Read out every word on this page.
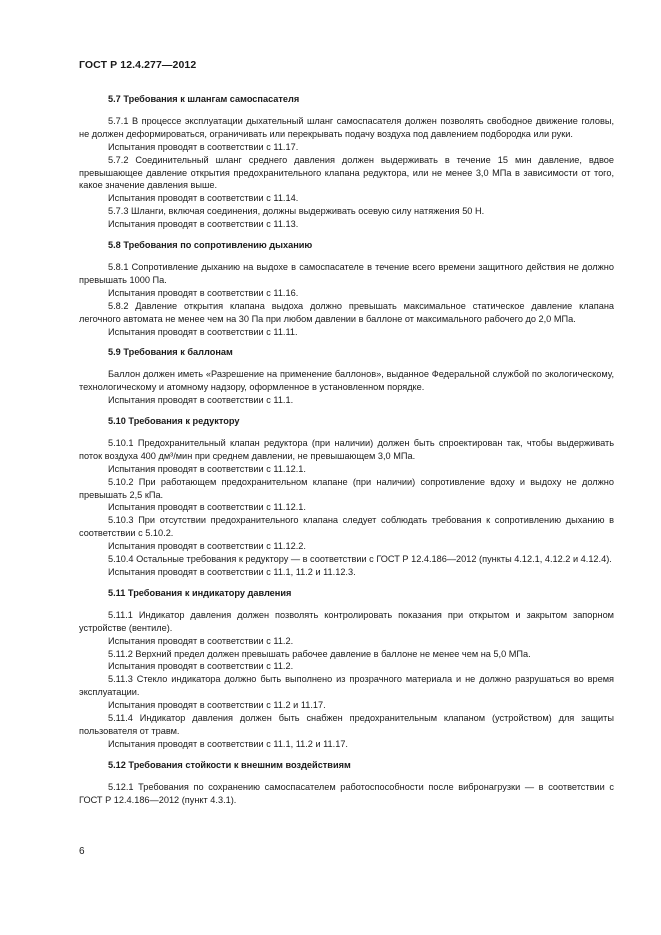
ГОСТ Р 12.4.277—2012
5.7 Требования к шлангам самоспасателя
5.7.1 В процессе эксплуатации дыхательный шланг самоспасателя должен позволять свободное движение головы, не должен деформироваться, ограничивать или перекрывать подачу воздуха под давлением подбородка или руки.
Испытания проводят в соответствии с 11.17.
5.7.2 Соединительный шланг среднего давления должен выдерживать в течение 15 мин давление, вдвое превышающее давление открытия предохранительного клапана редуктора, или не менее 3,0 МПа в зависимости от того, какое значение давления выше.
Испытания проводят в соответствии с 11.14.
5.7.3 Шланги, включая соединения, должны выдерживать осевую силу натяжения 50 Н.
Испытания проводят в соответствии с 11.13.
5.8 Требования по сопротивлению дыханию
5.8.1 Сопротивление дыханию на выдохе в самоспасателе в течение всего времени защитного действия не должно превышать 1000 Па.
Испытания проводят в соответствии с 11.16.
5.8.2 Давление открытия клапана выдоха должно превышать максимальное статическое давление клапана легочного автомата не менее чем на 30 Па при любом давлении в баллоне от максимального рабочего до 2,0 МПа.
Испытания проводят в соответствии с 11.11.
5.9 Требования к баллонам
Баллон должен иметь «Разрешение на применение баллонов», выданное Федеральной службой по экологическому, технологическому и атомному надзору, оформленное в установленном порядке.
Испытания проводят в соответствии с 11.1.
5.10 Требования к редуктору
5.10.1 Предохранительный клапан редуктора (при наличии) должен быть спроектирован так, чтобы выдерживать поток воздуха 400 дм³/мин при среднем давлении, не превышающем 3,0 МПа.
Испытания проводят в соответствии с 11.12.1.
5.10.2 При работающем предохранительном клапане (при наличии) сопротивление вдоху и выдоху не должно превышать 2,5 кПа.
Испытания проводят в соответствии с 11.12.1.
5.10.3 При отсутствии предохранительного клапана следует соблюдать требования к сопротивлению дыханию в соответствии с 5.10.2.
Испытания проводят в соответствии с 11.12.2.
5.10.4 Остальные требования к редуктору — в соответствии с ГОСТ Р 12.4.186—2012 (пункты 4.12.1, 4.12.2 и 4.12.4).
Испытания проводят в соответствии с 11.1, 11.2 и 11.12.3.
5.11 Требования к индикатору давления
5.11.1 Индикатор давления должен позволять контролировать показания при открытом и закрытом запорном устройстве (вентиле).
Испытания проводят в соответствии с 11.2.
5.11.2 Верхний предел должен превышать рабочее давление в баллоне не менее чем на 5,0 МПа.
Испытания проводят в соответствии с 11.2.
5.11.3 Стекло индикатора должно быть выполнено из прозрачного материала и не должно разрушаться во время эксплуатации.
Испытания проводят в соответствии с 11.2 и 11.17.
5.11.4 Индикатор давления должен быть снабжен предохранительным клапаном (устройством) для защиты пользователя от травм.
Испытания проводят в соответствии с 11.1, 11.2 и 11.17.
5.12 Требования стойкости к внешним воздействиям
5.12.1 Требования по сохранению самоспасателем работоспособности после вибронагрузки — в соответствии с ГОСТ Р 12.4.186—2012 (пункт 4.3.1).
6
